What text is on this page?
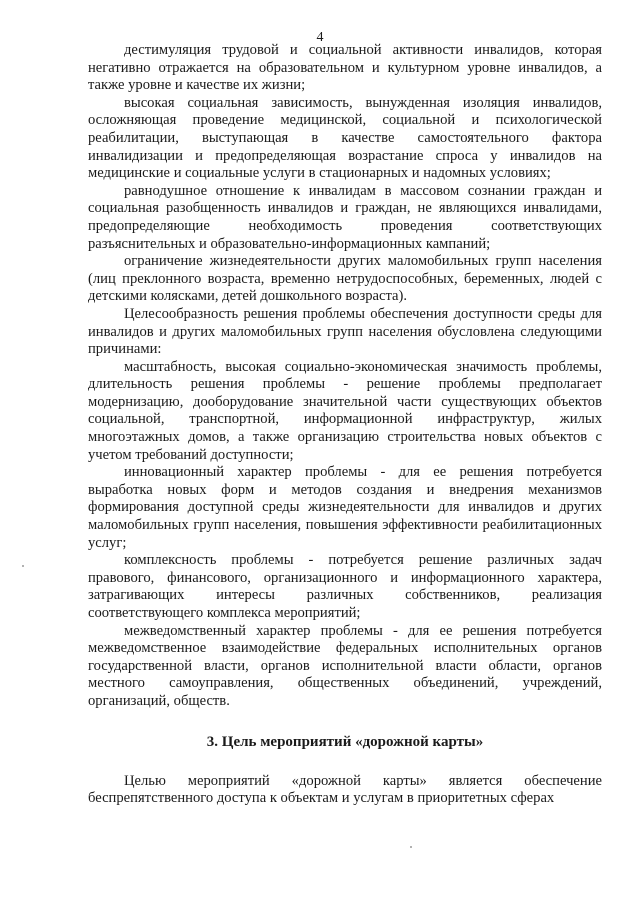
4

дестимуляция трудовой и социальной активности инвалидов, которая негативно отражается на образовательном и культурном уровне инвалидов, а также уровне и качестве их жизни;

высокая социальная зависимость, вынужденная изоляция инвалидов, осложняющая проведение медицинской, социальной и психологической реабилитации, выступающая в качестве самостоятельного фактора инвалидизации и предопределяющая возрастание спроса у инвалидов на медицинские и социальные услуги в стационарных и надомных условиях;

равнодушное отношение к инвалидам в массовом сознании граждан и социальная разобщенность инвалидов и граждан, не являющихся инвалидами, предопределяющие необходимость проведения соответствующих разъяснительных и образовательно-информационных кампаний;

ограничение жизнедеятельности других маломобильных групп населения (лиц преклонного возраста, временно нетрудоспособных, беременных, людей с детскими колясками, детей дошкольного возраста).

Целесообразность решения проблемы обеспечения доступности среды для инвалидов и других маломобильных групп населения обусловлена следующими причинами:

масштабность, высокая социально-экономическая значимость проблемы, длительность решения проблемы - решение проблемы предполагает модернизацию, дооборудование значительной части существующих объектов социальной, транспортной, информационной инфраструктур, жилых многоэтажных домов, а также организацию строительства новых объектов с учетом требований доступности;

инновационный характер проблемы - для ее решения потребуется выработка новых форм и методов создания и внедрения механизмов формирования доступной среды жизнедеятельности для инвалидов и других маломобильных групп населения, повышения эффективности реабилитационных услуг;

комплексность проблемы - потребуется решение различных задач правового, финансового, организационного и информационного характера, затрагивающих интересы различных собственников, реализация соответствующего комплекса мероприятий;

межведомственный характер проблемы - для ее решения потребуется межведомственное взаимодействие федеральных исполнительных органов государственной власти, органов исполнительной власти области, органов местного самоуправления, общественных объединений, учреждений, организаций, обществ.

3. Цель мероприятий «дорожной карты»

Целью мероприятий «дорожной карты» является обеспечение беспрепятственного доступа к объектам и услугам в приоритетных сферах
